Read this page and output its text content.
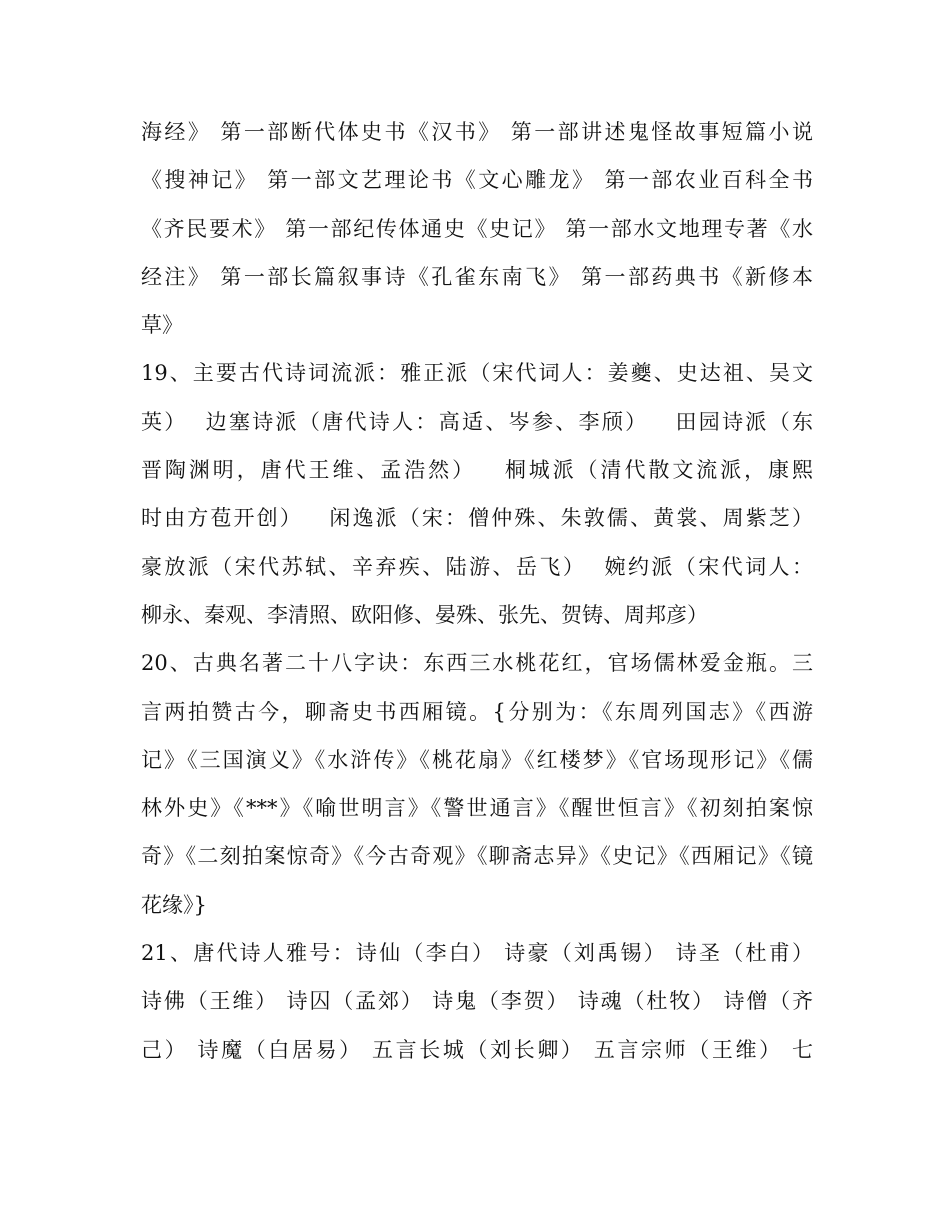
海经》 第一部断代体史书《汉书》 第一部讲述鬼怪故事短篇小说
《搜神记》 第一部文艺理论书《文心雕龙》 第一部农业百科全书
《齐民要术》 第一部纪传体通史《史记》 第一部水文地理专著《水
经注》 第一部长篇叙事诗《孔雀东南飞》 第一部药典书《新修本
草》
19、主要古代诗词流派：雅正派（宋代词人：姜夔、史达祖、吴文
英）  边塞诗派（唐代诗人：高适、岑参、李颀）   田园诗派（东
晋陶渊明，唐代王维、孟浩然）   桐城派（清代散文流派，康熙
时由方苞开创）   闲逸派（宋：僧仲殊、朱敦儒、黄裳、周紫芝）
豪放派（宋代苏轼、辛弃疾、陆游、岳飞）  婉约派（宋代词人：
柳永、秦观、李清照、欧阳修、晏殊、张先、贺铸、周邦彦）
20、古典名著二十八字诀：东西三水桃花红，官场儒林爱金瓶。三
言两拍赞古今，聊斋史书西厢镜。{分别为：《东周列国志》《西游
记》《三国演义》《水浒传》《桃花扇》《红楼梦》《官场现形记》《儒
林外史》《***》《喻世明言》《警世通言》《醒世恒言》《初刻拍案惊
奇》《二刻拍案惊奇》《今古奇观》《聊斋志异》《史记》《西厢记》《镜
花缘》}
21、唐代诗人雅号：诗仙（李白） 诗豪（刘禹锡） 诗圣（杜甫）
诗佛（王维） 诗囚（孟郊） 诗鬼（李贺） 诗魂（杜牧） 诗僧（齐
己） 诗魔（白居易） 五言长城（刘长卿） 五言宗师（王维） 七
